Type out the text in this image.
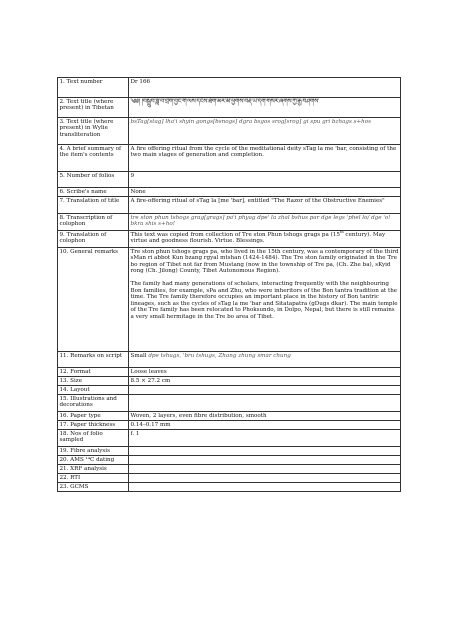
1. Text number	Dr 166
2. Text title (where present) in Tibetan	༄༅། །བསྒྲུབ་ཟླ་བ་བྲེག་བྱང་གི་ལས་དངོས་ཐོག་མར་མི་ཕྱོགས་བརྡ་ཡི་དག་གསེར་ཞགས་ཀྱི་རྒྱ་བཤགས་
3. Text title (where present) in Wylie transliteration	bsTag[stag] lha'i shyin gongs[bsnogs] dgra bsgos srog[srog] gi spu gri bzhags s+hos
4. A brief summary of the item's contents	A fire offering ritual from the cycle of the meditational deity sTag la me 'bar, consisting of the two main stages of generation and completion.
5. Number of folios	9
6. Scribe's name	None
7. Translation of title	A fire-offering ritual of sTag la [me 'bar], entitled "The Razor of the Obstructive Enemies"
8. Transcription of colophon	tre ston phun tshogs grag[grags] pa'i phyag dpe' la zhal bshus par dge legs 'phel lo/ dge 'o! bkra shis s+ho!
9. Translation of colophon	This text was copied from collection of Tre ston Phun tshogs grags pa (15th century). May virtue and goodness flourish. Virtue. Blessings.
10. General remarks	Tre ston phun tshogs grags pa, who lived in the 15th century, was a contemporary of the third sMan ri abbot Kun bzang rgyal mtshan (1424-1484). The Tre ston family originated in the Tre bo region of Tibet not far from Mustang (now in the township of Tre pa, (Ch. Zhe ba), sKyid rong (Ch. Jilong) County, Tibet Autonomous Region).
The family had many generations of scholars, interacting frequently with the neighbouring Bon families, for example, sPa and Zhu, who were inheritors of the Bon tantra tradition at the time. The Tre family therefore occupies an important place in the history of Bon tantric lineages, such as the cycles of sTag la me 'bar and Sitatapatra (gDugs dkar). The main temple of the Tre family has been relocated to Phoksundo, in Dolpo, Nepal, but there is still remains a very small hermitage in the Tre bo area of Tibet.

11. Remarks on script	Small dpe tshugs, 'bru tshugs, Zhang zhung smar chung
12. Format	Loose leaves
13. Size	8.5 × 27.2 cm
14. Layout	
15. Illustrations and decorations	
16. Paper type	Woven, 2 layers, even fibre distribution, smooth
17. Paper thickness	0.14–0.17 mm
18. Nos of folio sampled	f. 1
19. Fibre analysis	
20. AMS ¹⁴C dating	
21. XRF analysis	
22. RTI	
23. GCMS	
